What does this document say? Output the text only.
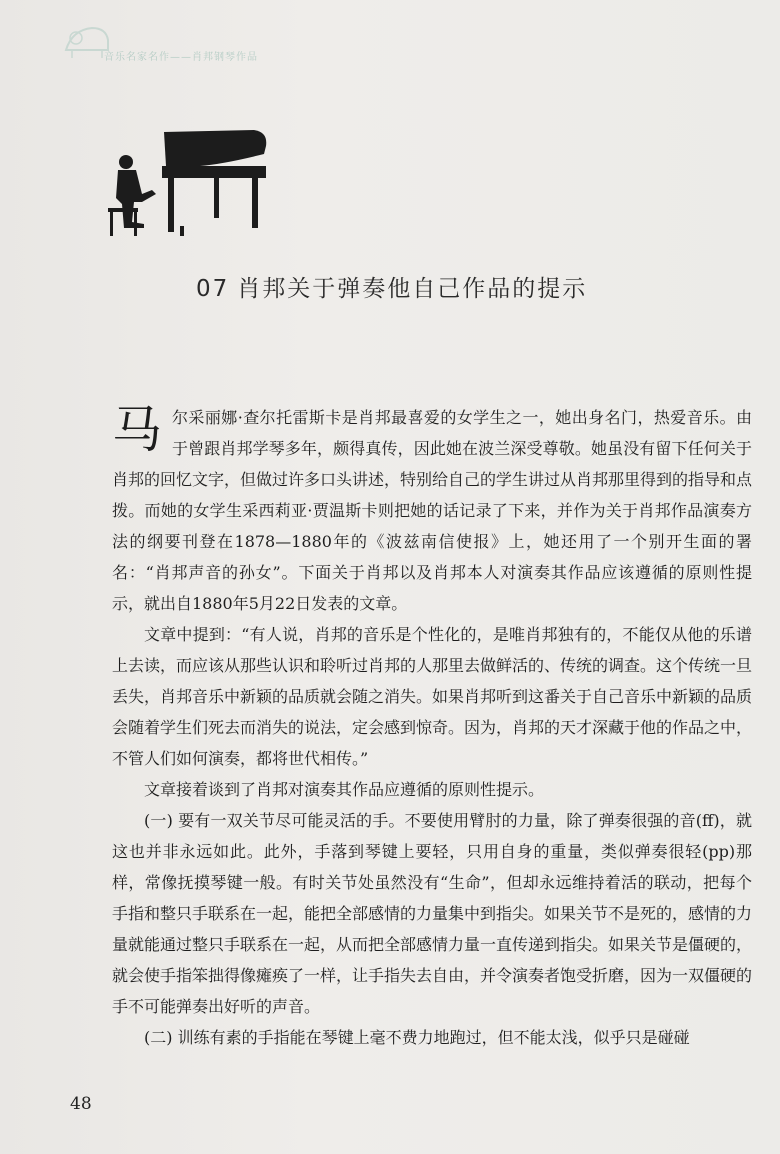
音乐名家名作——肖邦钢琴作品
07 肖邦关于弹奏他自己作品的提示

马尔采丽娜·查尔托雷斯卡是肖邦最喜爱的女学生之一，她出身名门，热爱音乐。由于曾跟肖邦学琴多年，颇得真传，因此她在波兰深受尊敬。她虽没有留下任何关于肖邦的回忆文字，但做过许多口头讲述，特别给自己的学生讲过从肖邦那里得到的指导和点拨。而她的女学生采西莉亚·贾温斯卡则把她的话记录了下来，并作为关于肖邦作品演奏方法的纲要刊登在1878—1880年的《波兹南信使报》上，她还用了一个别开生面的署名：“肖邦声音的孙女”。下面关于肖邦以及肖邦本人对演奏其作品应该遵循的原则性提示，就出自1880年5月22日发表的文章。

文章中提到：“有人说，肖邦的音乐是个性化的，是唯肖邦独有的，不能仅从他的乐谱上去读，而应该从那些认识和聆听过肖邦的人那里去做鲜活的、传统的调查。这个传统一旦丢失，肖邦音乐中新颖的品质就会随之消失。如果肖邦听到这番关于自己音乐中新颖的品质会随着学生们死去而消失的说法，定会感到惊奇。因为，肖邦的天才深藏于他的作品之中，不管人们如何演奏，都将世代相传。”

文章接着谈到了肖邦对演奏其作品应遵循的原则性提示。

(一) 要有一双关节尽可能灵活的手。不要使用臂肘的力量，除了弹奏很强的音(ff)，就这也并非永远如此。此外，手落到琴键上要轻，只用自身的重量，类似弹奏很轻(pp)那样，常像抚摸琴键一般。有时关节处虽然没有“生命”，但却永远维持着活的联动，把每个手指和整只手联系在一起，能把全部感情的力量集中到指尖。如果关节不是死的，感情的力量就能通过整只手联系在一起，从而把全部感情力量一直传递到指尖。如果关节是僵硬的，就会使手指笨拙得像瘫痪了一样，让手指失去自由，并令演奏者饱受折磨，因为一双僵硬的手不可能弹奏出好听的声音。

(二) 训练有素的手指能在琴键上毫不费力地跑过，但不能太浅，似乎只是碰碰

48
